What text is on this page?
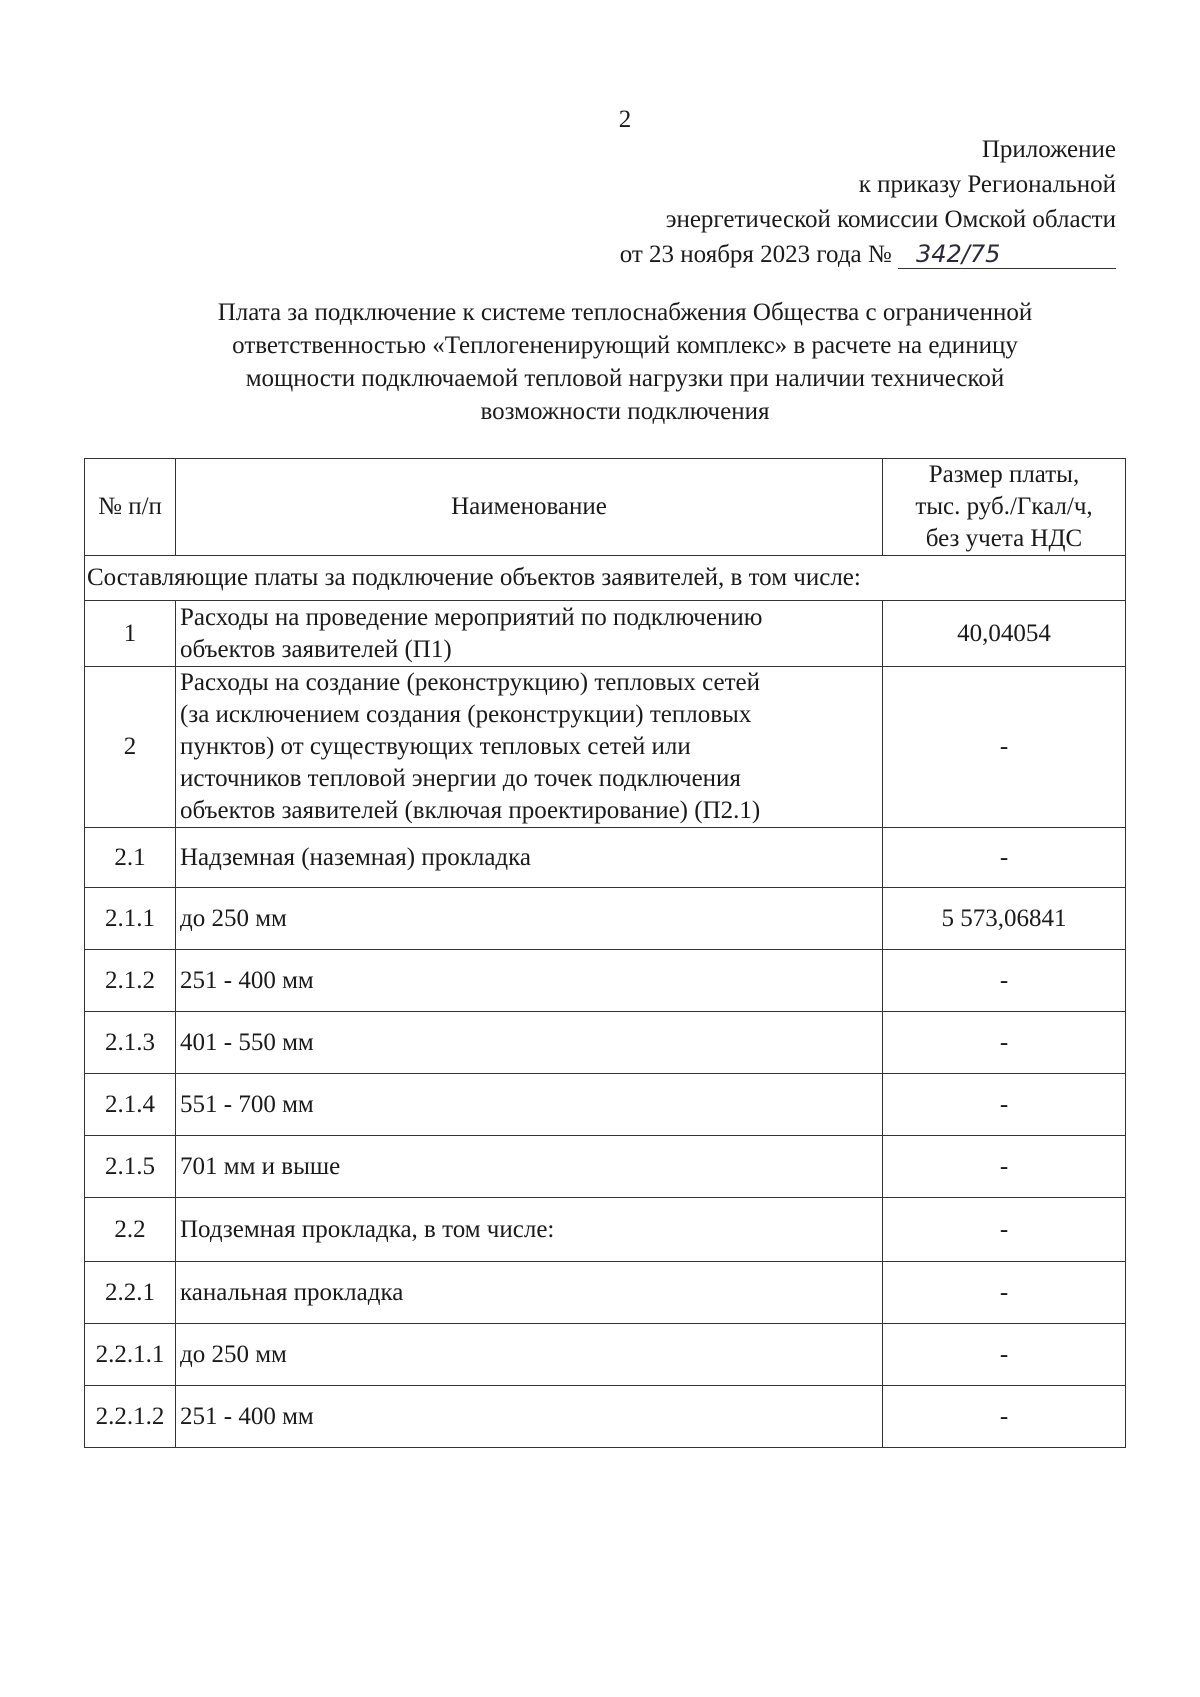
2
Приложение
к приказу Региональной
энергетической комиссии Омской области
от 23 ноября 2023 года № 342/75
Плата за подключение к системе теплоснабжения Общества с ограниченной
ответственностью «Теплогененирующий комплекс» в расчете на единицу
мощности подключаемой тепловой нагрузки при наличии технической
возможности подключения
№ п/п	Наименование	Размер платы,
тыс. руб./Гкал/ч,
без учета НДС

Составляющие платы за подключение объектов заявителей, в том числе:		
1	Расходы на проведение мероприятий по подключению
объектов заявителей (П1)	40,04054
2	Расходы на создание (реконструкцию) тепловых сетей
(за исключением создания (реконструкции) тепловых
пунктов) от существующих тепловых сетей или
источников тепловой энергии до точек подключения
объектов заявителей (включая проектирование) (П2.1)	-
2.1	Надземная (наземная) прокладка	-
2.1.1	до 250 мм	5 573,06841
2.1.2	251 - 400 мм	-
2.1.3	401 - 550 мм	-
2.1.4	551 - 700 мм	-
2.1.5	701 мм и выше	-
2.2	Подземная прокладка, в том числе:	-
2.2.1	канальная прокладка	-
2.2.1.1	до 250 мм	-
2.2.1.2	251 - 400 мм	-
